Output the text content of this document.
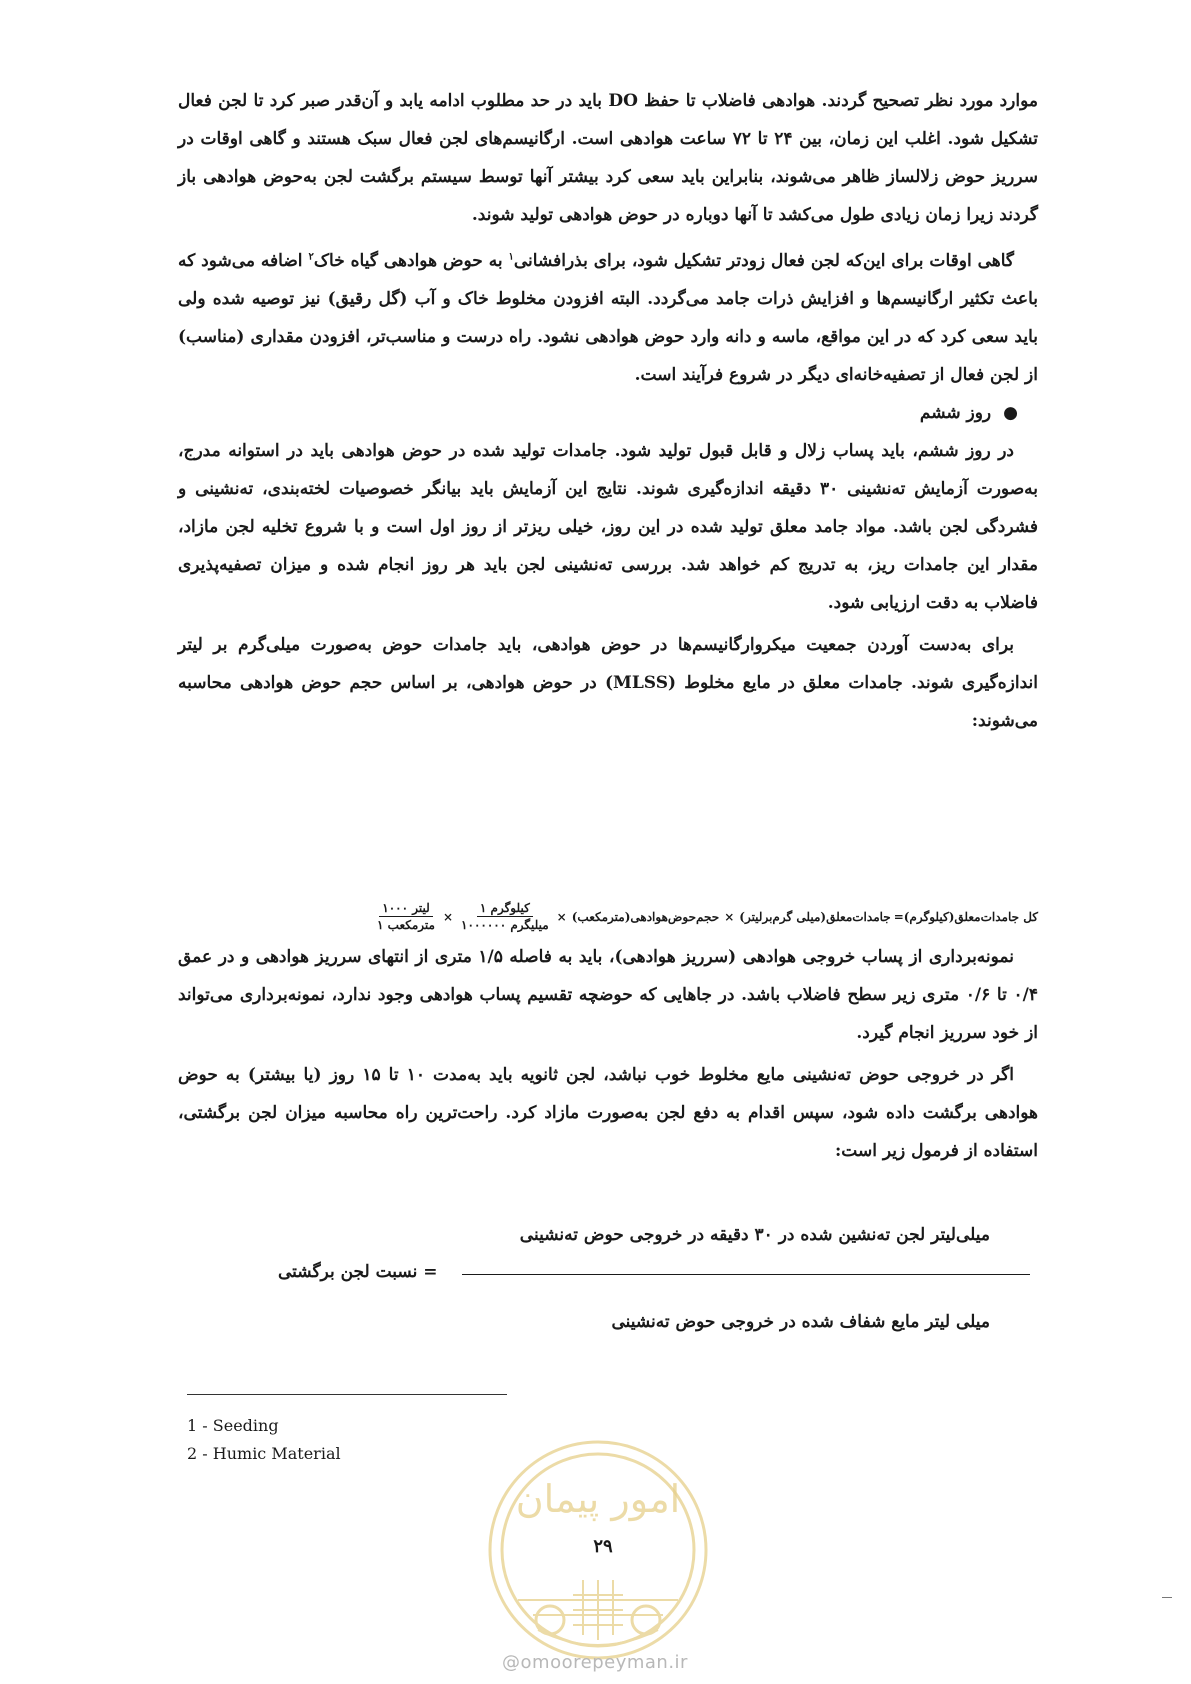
موارد مورد نظر تصحیح گردند. هوادهی فاضلاب تا حفظ DO باید در حد مطلوب ادامه یابد و آن‌قدر صبر کرد تا لجن فعال تشکیل شود. اغلب این زمان، بین ۲۴ تا ۷۲ ساعت هوادهی است. ارگانیسم‌های لجن فعال سبک هستند و گاهی اوقات در سرریز حوض زلالساز ظاهر می‌شوند، بنابراین باید سعی کرد بیشتر آنها توسط سیستم برگشت لجن به‌حوض هوادهی باز گردند زیرا زمان زیادی طول می‌کشد تا آنها دوباره در حوض هوادهی تولید شوند.

گاهی اوقات برای این‌که لجن فعال زودتر تشکیل شود، برای بذرافشانی$^۱$ به حوض هوادهی گیاه خاک$^۲$ اضافه می‌شود که باعث تکثیر ارگانیسم‌ها و افزایش ذرات جامد می‌گردد. البته افزودن مخلوط خاک و آب (گل رقیق) نیز توصیه شده ولی باید سعی کرد که در این مواقع، ماسه و دانه وارد حوض هوادهی نشود. راه درست و مناسب‌تر، افزودن مقداری (مناسب) از لجن فعال از تصفیه‌خانه‌ای دیگر در شروع فرآیند است.

●روز ششم

در روز ششم، باید پساب زلال و قابل قبول تولید شود. جامدات تولید شده در حوض هوادهی باید در استوانه مدرج، به‌صورت آزمایش ته‌نشینی ۳۰ دقیقه اندازه‌گیری شوند. نتایج این آزمایش باید بیانگر خصوصیات لخته‌بندی، ته‌نشینی و فشردگی لجن باشد. مواد جامد معلق تولید شده در این روز، خیلی ریزتر از روز اول است و با شروع تخلیه لجن مازاد، مقدار این جامدات ریز، به تدریج کم خواهد شد. بررسی ته‌نشینی لجن باید هر روز انجام شده و میزان تصفیه‌پذیری فاضلاب به دقت ارزیابی شود.

برای به‌دست آوردن جمعیت میکروارگانیسم‌ها در حوض هوادهی، باید جامدات حوض به‌صورت میلی‌گرم بر لیتر اندازه‌گیری شوند. جامدات معلق در مایع مخلوط (MLSS) در حوض هوادهی، بر اساس حجم حوض هوادهی محاسبه می‌شوند:

کل جامدات‌معلق(کیلوگرم)=
جامدات‌معلق(میلی گرم‌بر‌لیتر)
×
حجم‌حوض‌هوادهی(مترمکعب)
×
$\frac{\text{کیلوگرم ۱}}{\text{میلیگرم ۱۰۰۰۰۰۰}}$
×
$\frac{\text{لیتر ۱۰۰۰}}{\text{مترمکعب ۱}}$

نمونه‌برداری از پساب خروجی هوادهی (سرریز هوادهی)، باید به فاصله ۱/۵ متری از انتهای سرریز هوادهی و در عمق ۰/۴ تا ۰/۶ متری زیر سطح فاضلاب باشد. در جاهایی که حوضچه تقسیم پساب هوادهی وجود ندارد، نمونه‌برداری می‌تواند از خود سرریز انجام گیرد.

اگر در خروجی حوض ته‌نشینی مایع مخلوط خوب نباشد، لجن ثانویه باید به‌مدت ۱۰ تا ۱۵ روز (یا بیشتر) به حوض هوادهی برگشت داده شود، سپس اقدام به دفع لجن به‌صورت مازاد کرد. راحت‌ترین راه محاسبه میزان لجن برگشتی، استفاده از فرمول زیر است:

میلی‌لیتر لجن ته‌نشین شده در ۳۰ دقیقه در خروجی حوض ته‌نشینی
= نسبت لجن برگشتی
میلی لیتر مایع شفاف شده در خروجی حوض ته‌نشینی
1 - Seeding
2 - Humic Material
امور پیمان
۲۹
@omoorepeyman.ir
